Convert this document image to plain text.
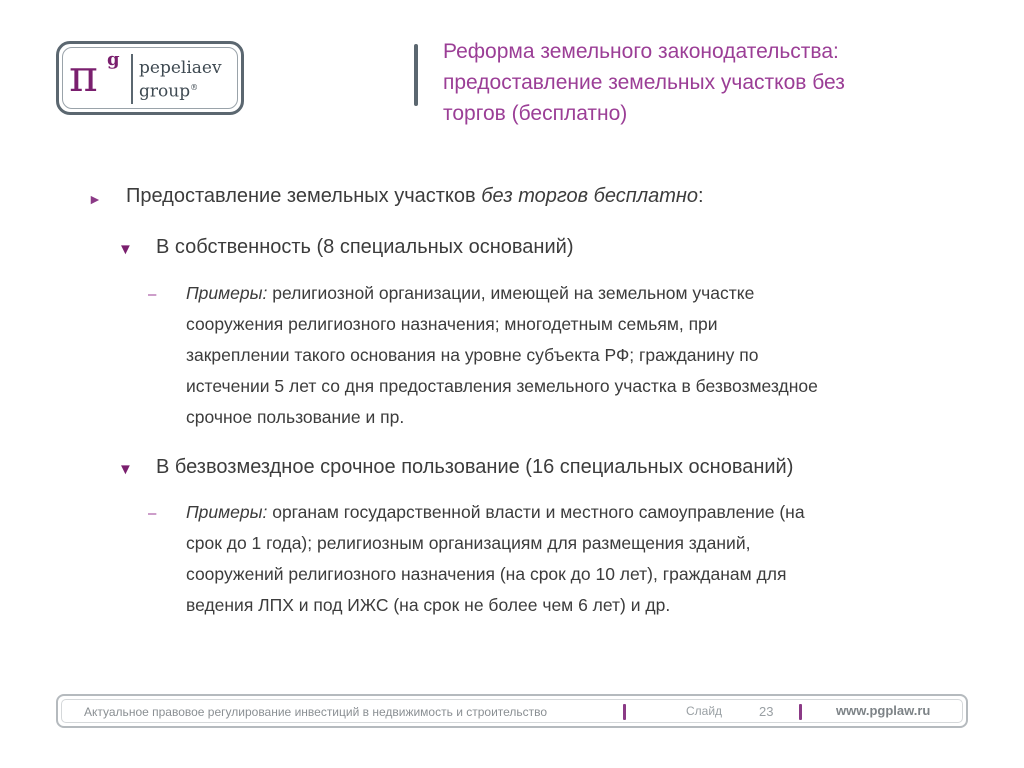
π g pepeliaev
group®
Реформа земельного законодательства:
предоставление земельных участков без
торгов (бесплатно)
► Предоставление земельных участков без торгов бесплатно:
▼ В собственность (8 специальных оснований)
– Примеры: религиозной организации, имеющей на земельном участке
сооружения религиозного назначения; многодетным семьям, при
закреплении такого основания на уровне субъекта РФ; гражданину по
истечении 5 лет со дня предоставления земельного участка в безвозмездное
срочное пользование и пр.
▼ В безвозмездное срочное пользование (16 специальных оснований)
– Примеры: органам государственной власти и местного самоуправление (на
срок до 1 года); религиозным организациям для размещения зданий,
сооружений религиозного назначения (на срок до 10 лет), гражданам для
ведения ЛПХ и под ИЖС (на срок не более чем 6 лет) и др.
Актуальное правовое регулирование инвестиций в недвижимость и строительство	Слайд	23	www.pgplaw.ru
